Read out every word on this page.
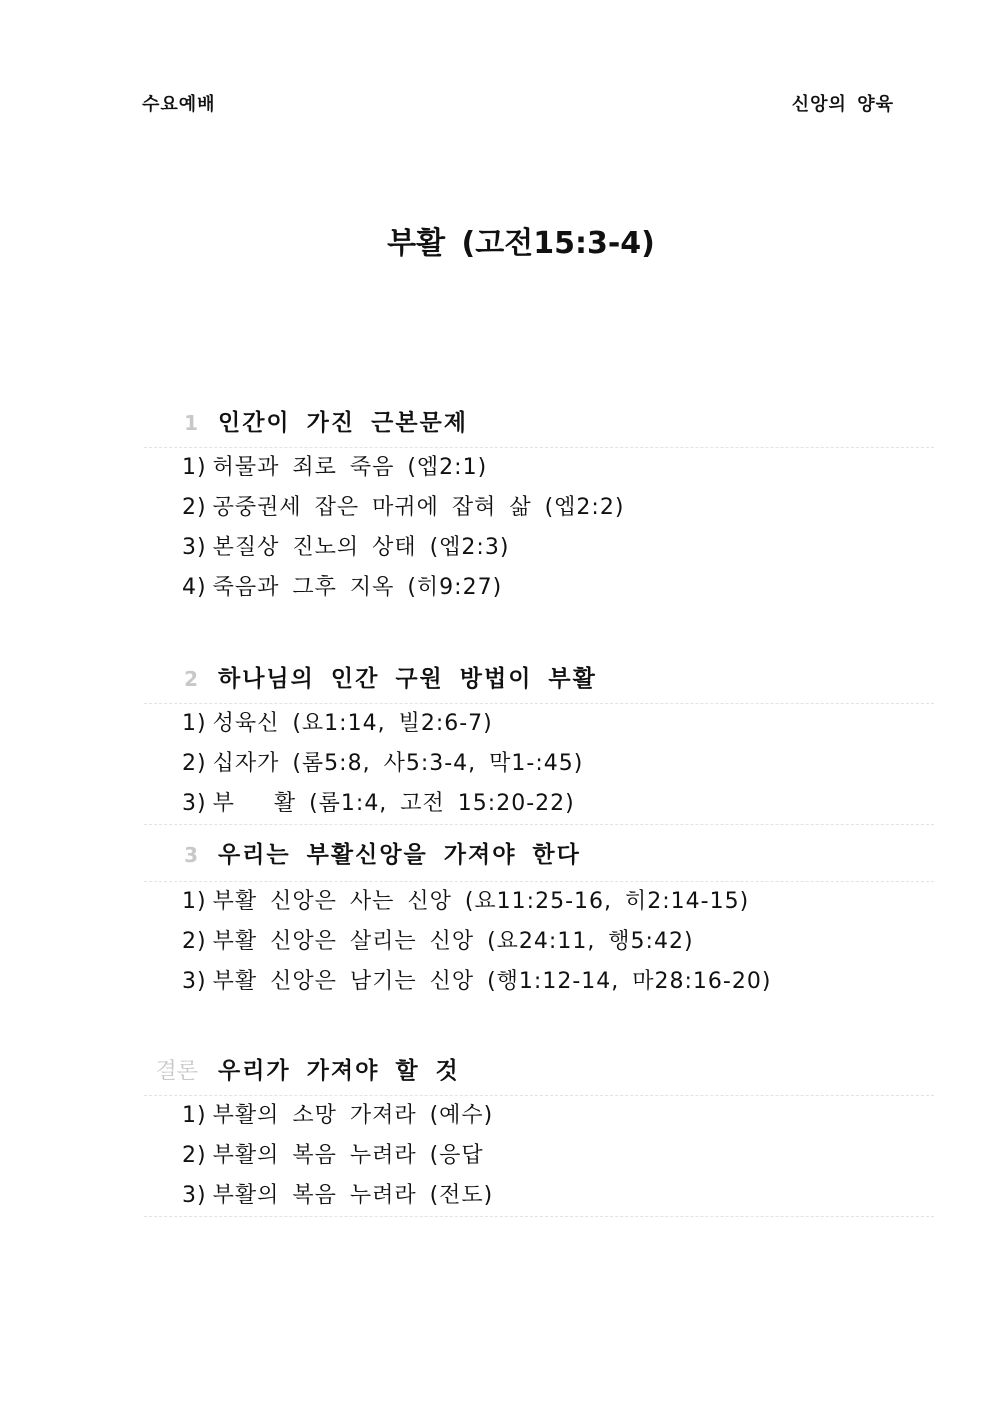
수요예배	신앙의 양육
부활 (고전15:3-4)
1 인간이 가진 근본문제
1) 허물과 죄로 죽음 (엡2:1)
2) 공중권세 잡은 마귀에 잡혀 삶 (엡2:2)
3) 본질상 진노의 상태 (엡2:3)
4) 죽음과 그후 지옥 (히9:27)
2 하나님의 인간 구원 방법이 부활
1) 성육신 (요1:14, 빌2:6-7)
2) 십자가 (롬5:8, 사5:3-4, 막1-:45)
3) 부   활 (롬1:4, 고전 15:20-22)
3 우리는 부활신앙을 가져야 한다
1) 부활 신앙은 사는 신앙 (요11:25-16, 히2:14-15)
2) 부활 신앙은 살리는 신앙 (요24:11, 행5:42)
3) 부활 신앙은 남기는 신앙 (행1:12-14, 마28:16-20)
결론 우리가 가져야 할 것
1) 부활의 소망 가져라 (예수)
2) 부활의 복음 누려라 (응답
3) 부활의 복음 누려라 (전도)
